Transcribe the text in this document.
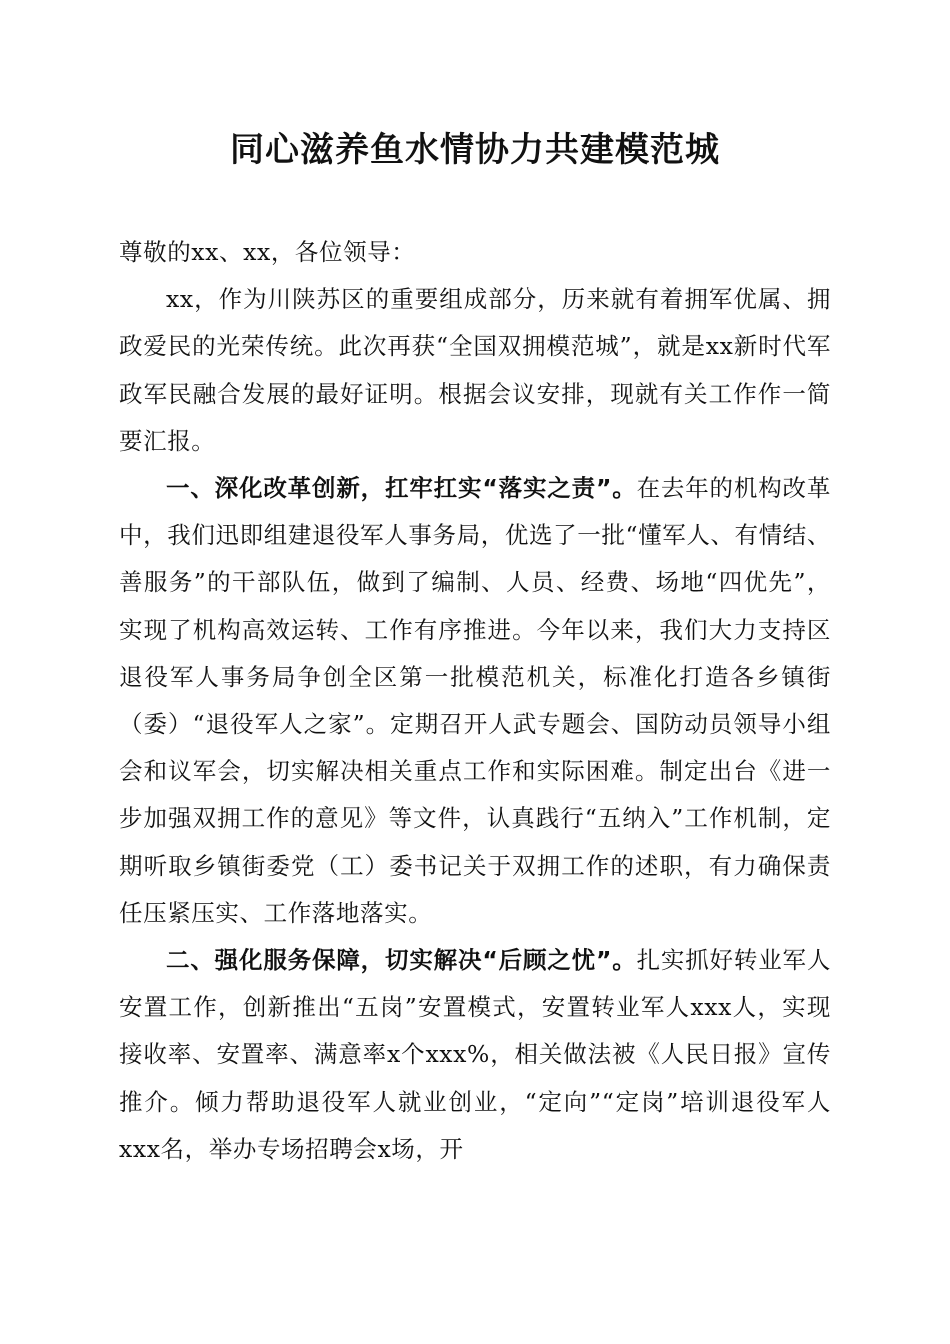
同心滋养鱼水情协力共建模范城

尊敬的xx、xx，各位领导：

xx，作为川陕苏区的重要组成部分，历来就有着拥军优属、拥政爱民的光荣传统。此次再获“全国双拥模范城”，就是xx新时代军政军民融合发展的最好证明。根据会议安排，现就有关工作作一简要汇报。

一、深化改革创新，扛牢扛实“落实之责”。在去年的机构改革中，我们迅即组建退役军人事务局，优选了一批“懂军人、有情结、善服务”的干部队伍，做到了编制、人员、经费、场地“四优先”，实现了机构高效运转、工作有序推进。今年以来，我们大力支持区退役军人事务局争创全区第一批模范机关，标准化打造各乡镇街（委）“退役军人之家”。定期召开人武专题会、国防动员领导小组会和议军会，切实解决相关重点工作和实际困难。制定出台《进一步加强双拥工作的意见》等文件，认真践行“五纳入”工作机制，定期听取乡镇街委党（工）委书记关于双拥工作的述职，有力确保责任压紧压实、工作落地落实。

二、强化服务保障，切实解决“后顾之忧”。扎实抓好转业军人安置工作，创新推出“五岗”安置模式，安置转业军人xxx人，实现接收率、安置率、满意率x个xxx%，相关做法被《人民日报》宣传推介。倾力帮助退役军人就业创业，“定向”“定岗”培训退役军人xxx名，举办专场招聘会x场，开
